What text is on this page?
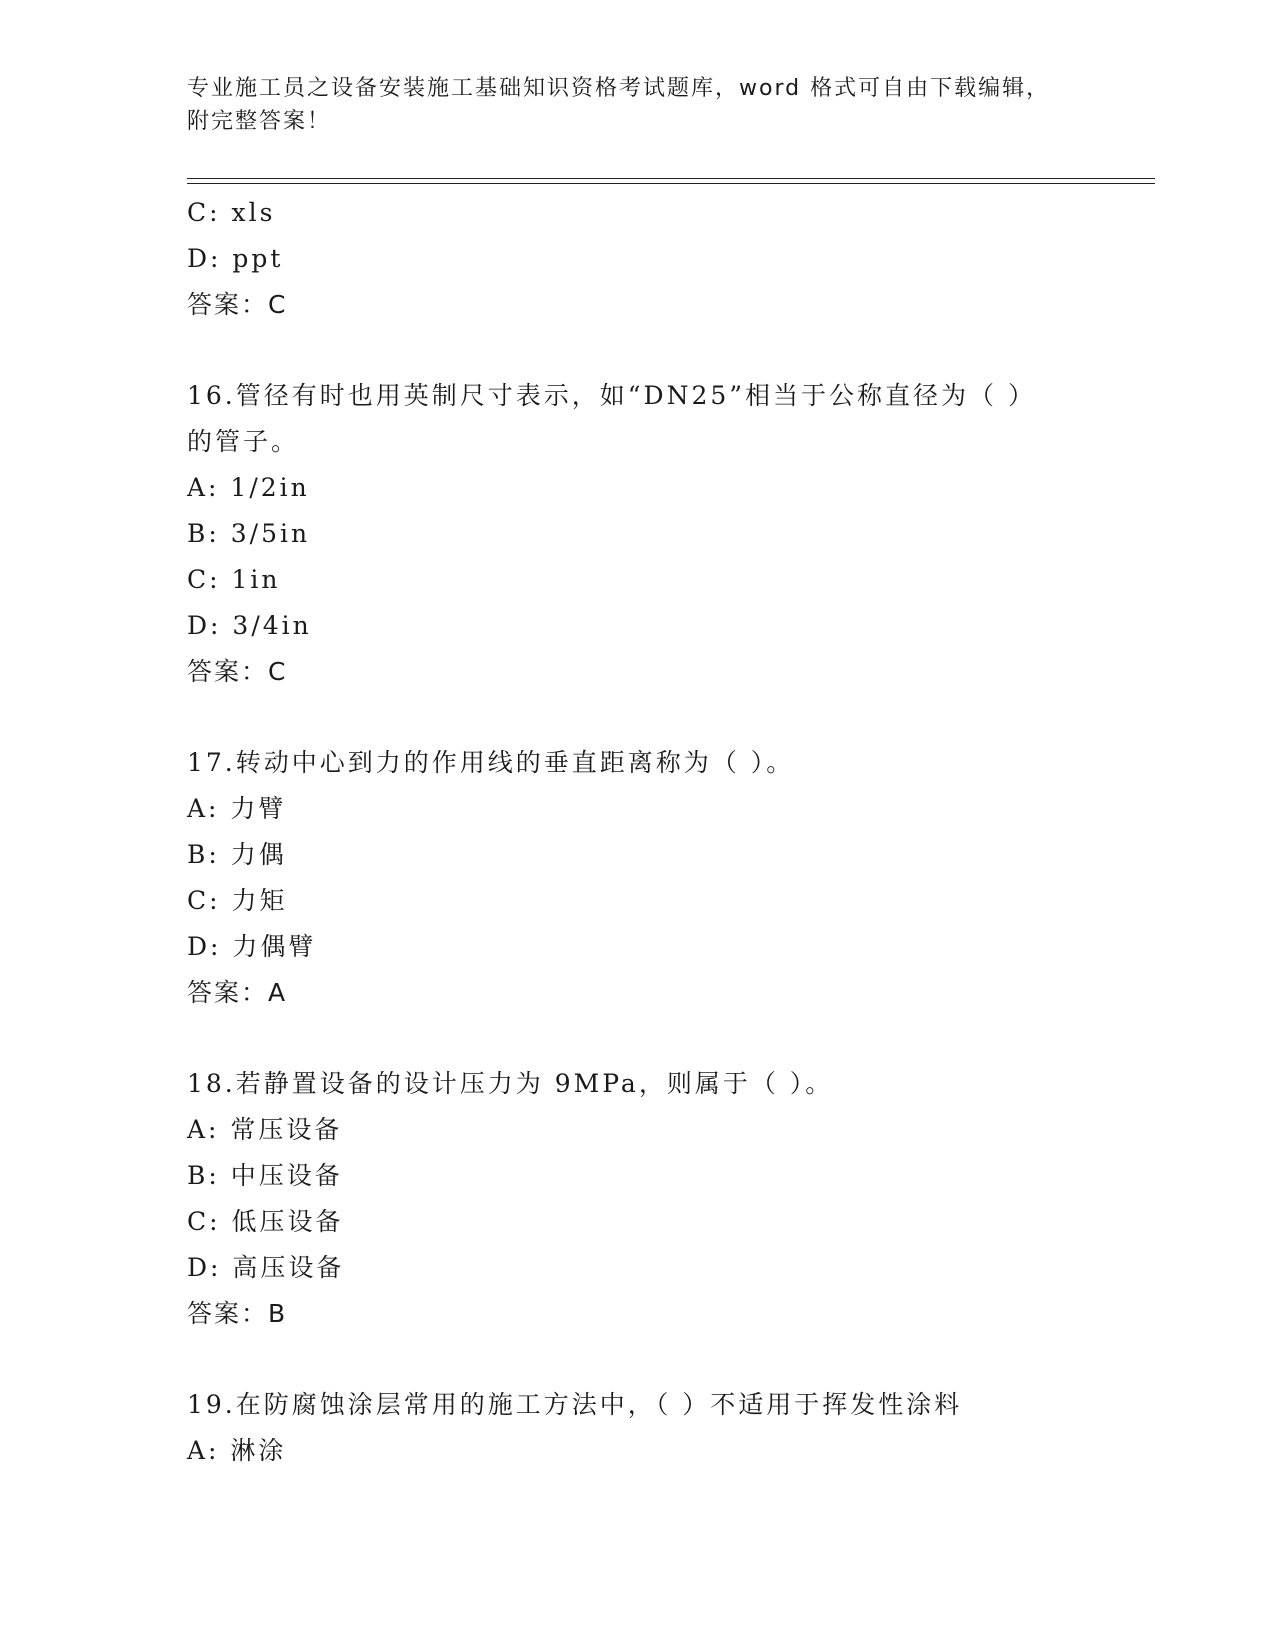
专业施工员之设备安装施工基础知识资格考试题库，word 格式可自由下载编辑，
附完整答案！
C: xls
D: ppt
答案：C
16.管径有时也用英制尺寸表示，如“DN25”相当于公称直径为（ ）
的管子。
A: 1/2in
B: 3/5in
C: 1in
D: 3/4in
答案：C
17.转动中心到力的作用线的垂直距离称为（ ）。
A: 力臂
B: 力偶
C: 力矩
D: 力偶臂
答案：A
18.若静置设备的设计压力为 9MPa，则属于（ ）。
A: 常压设备
B: 中压设备
C: 低压设备
D: 高压设备
答案：B
19.在防腐蚀涂层常用的施工方法中，（ ）不适用于挥发性涂料
A: 淋涂
